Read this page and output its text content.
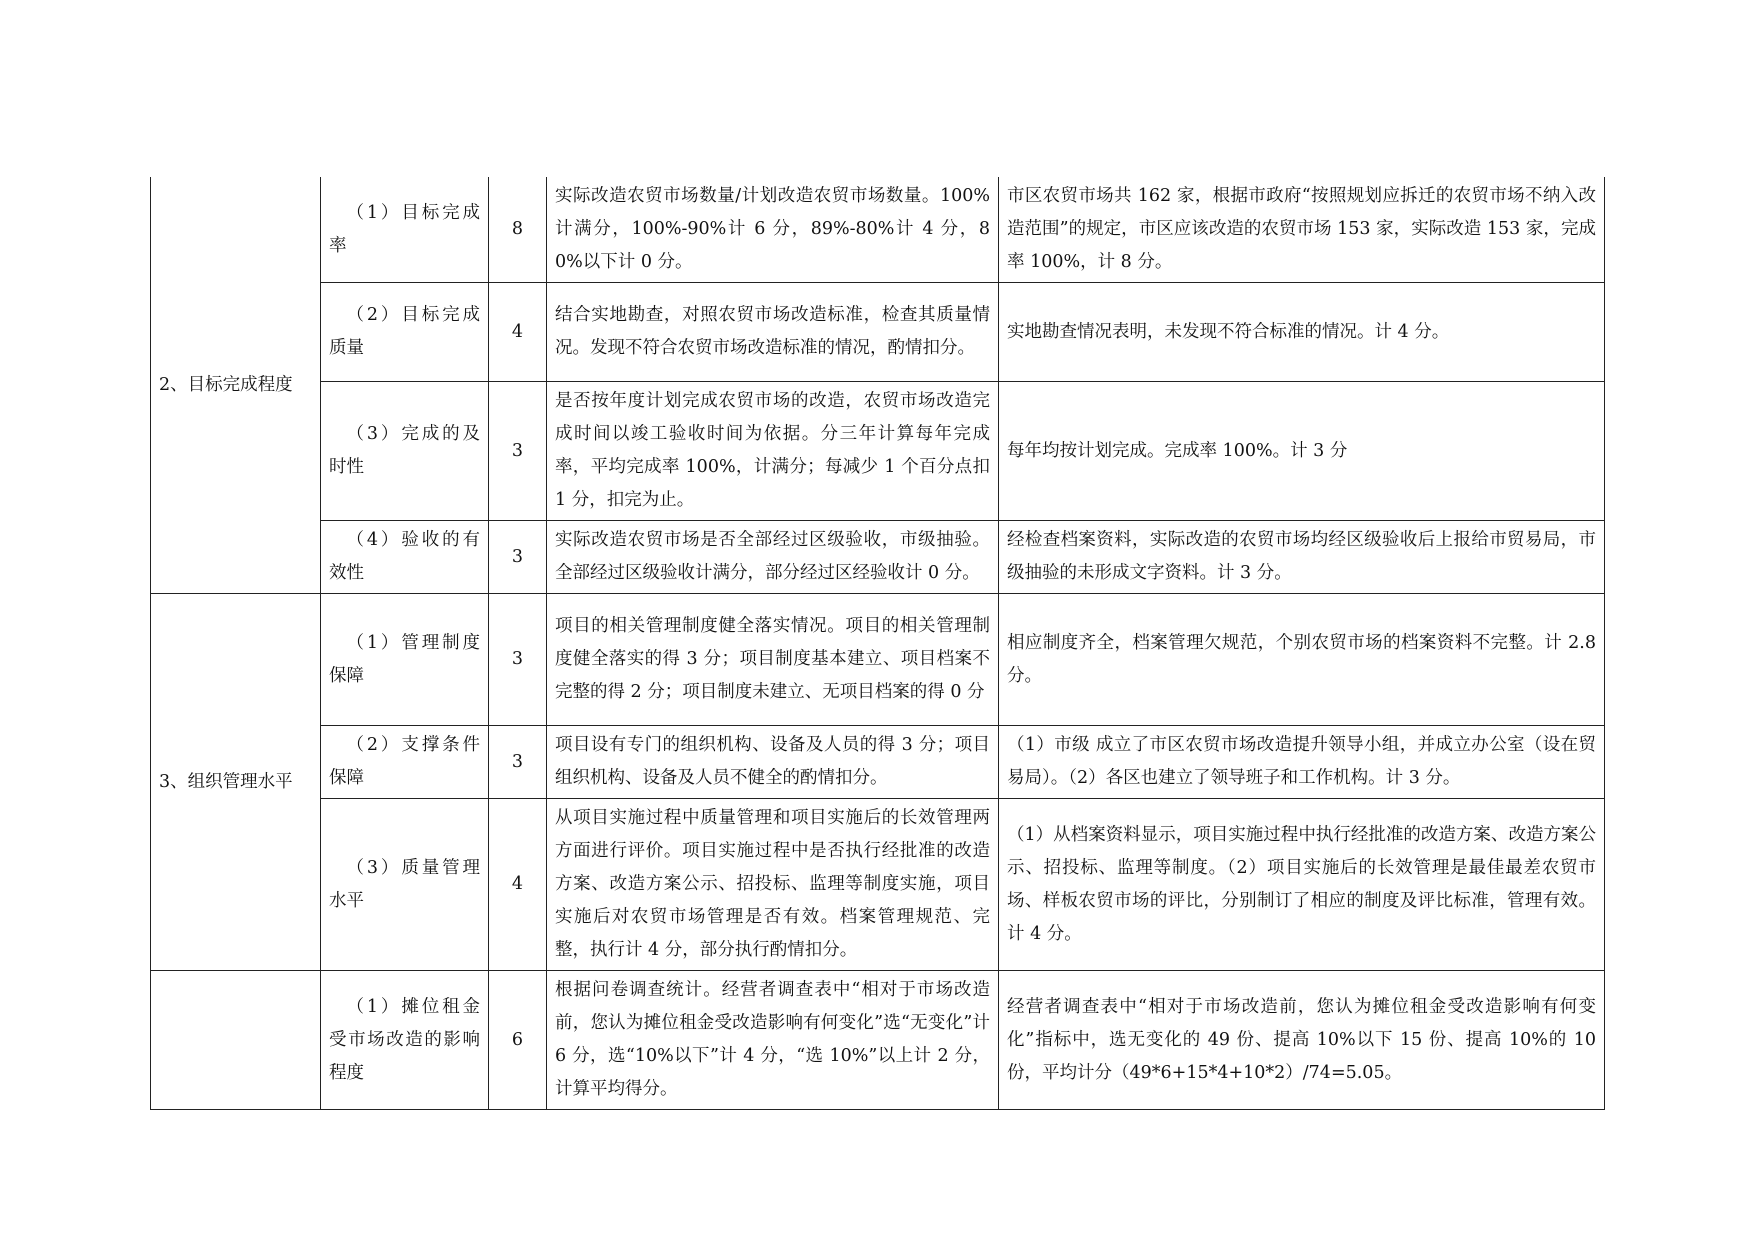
2、目标完成程度	（1）目标完成率	8	实际改造农贸市场数量/计划改造农贸市场数量。100%计满分，100%-90%计 6 分，89%-80%计 4 分，80%以下计 0 分。	市区农贸市场共 162 家，根据市政府“按照规划应拆迁的农贸市场不纳入改造范围”的规定，市区应该改造的农贸市场 153 家，实际改造 153 家，完成率 100%，计 8 分。
	（2）目标完成质量	4	结合实地勘查，对照农贸市场改造标准，检查其质量情况。发现不符合农贸市场改造标准的情况，酌情扣分。	实地勘查情况表明，未发现不符合标准的情况。计 4 分。
	（3）完成的及时性	3	是否按年度计划完成农贸市场的改造，农贸市场改造完成时间以竣工验收时间为依据。分三年计算每年完成率，平均完成率 100%，计满分；每减少 1 个百分点扣 1 分，扣完为止。	每年均按计划完成。完成率 100%。计 3 分
	（4）验收的有效性	3	实际改造农贸市场是否全部经过区级验收，市级抽验。全部经过区级验收计满分，部分经过区经验收计 0 分。	经检查档案资料，实际改造的农贸市场均经区级验收后上报给市贸易局，市级抽验的未形成文字资料。计 3 分。
3、组织管理水平	（1）管理制度保障	3	项目的相关管理制度健全落实情况。项目的相关管理制度健全落实的得 3 分；项目制度基本建立、项目档案不完整的得 2 分；项目制度未建立、无项目档案的得 0 分	相应制度齐全，档案管理欠规范，个别农贸市场的档案资料不完整。计 2.8 分。
	（2）支撑条件保障	3	项目设有专门的组织机构、设备及人员的得 3 分；项目组织机构、设备及人员不健全的酌情扣分。	（1）市级 成立了市区农贸市场改造提升领导小组，并成立办公室（设在贸易局）。（2）各区也建立了领导班子和工作机构。计 3 分。
	（3）质量管理水平	4	从项目实施过程中质量管理和项目实施后的长效管理两方面进行评价。项目实施过程中是否执行经批准的改造方案、改造方案公示、招投标、监理等制度实施，项目实施后对农贸市场管理是否有效。档案管理规范、完整，执行计 4 分，部分执行酌情扣分。	（1）从档案资料显示，项目实施过程中执行经批准的改造方案、改造方案公示、招投标、监理等制度。（2）项目实施后的长效管理是最佳最差农贸市场、样板农贸市场的评比，分别制订了相应的制度及评比标准，管理有效。计 4 分。
	（1）摊位租金受市场改造的影响程度	6	根据问卷调查统计。经营者调查表中“相对于市场改造前，您认为摊位租金受改造影响有何变化”选“无变化”计 6 分，选“10%以下”计 4 分，“选 10%”以上计 2 分，计算平均得分。	经营者调查表中“相对于市场改造前，您认为摊位租金受改造影响有何变化”指标中，选无变化的 49 份、提高 10%以下 15 份、提高 10%的 10 份，平均计分（49*6+15*4+10*2）/74=5.05。
